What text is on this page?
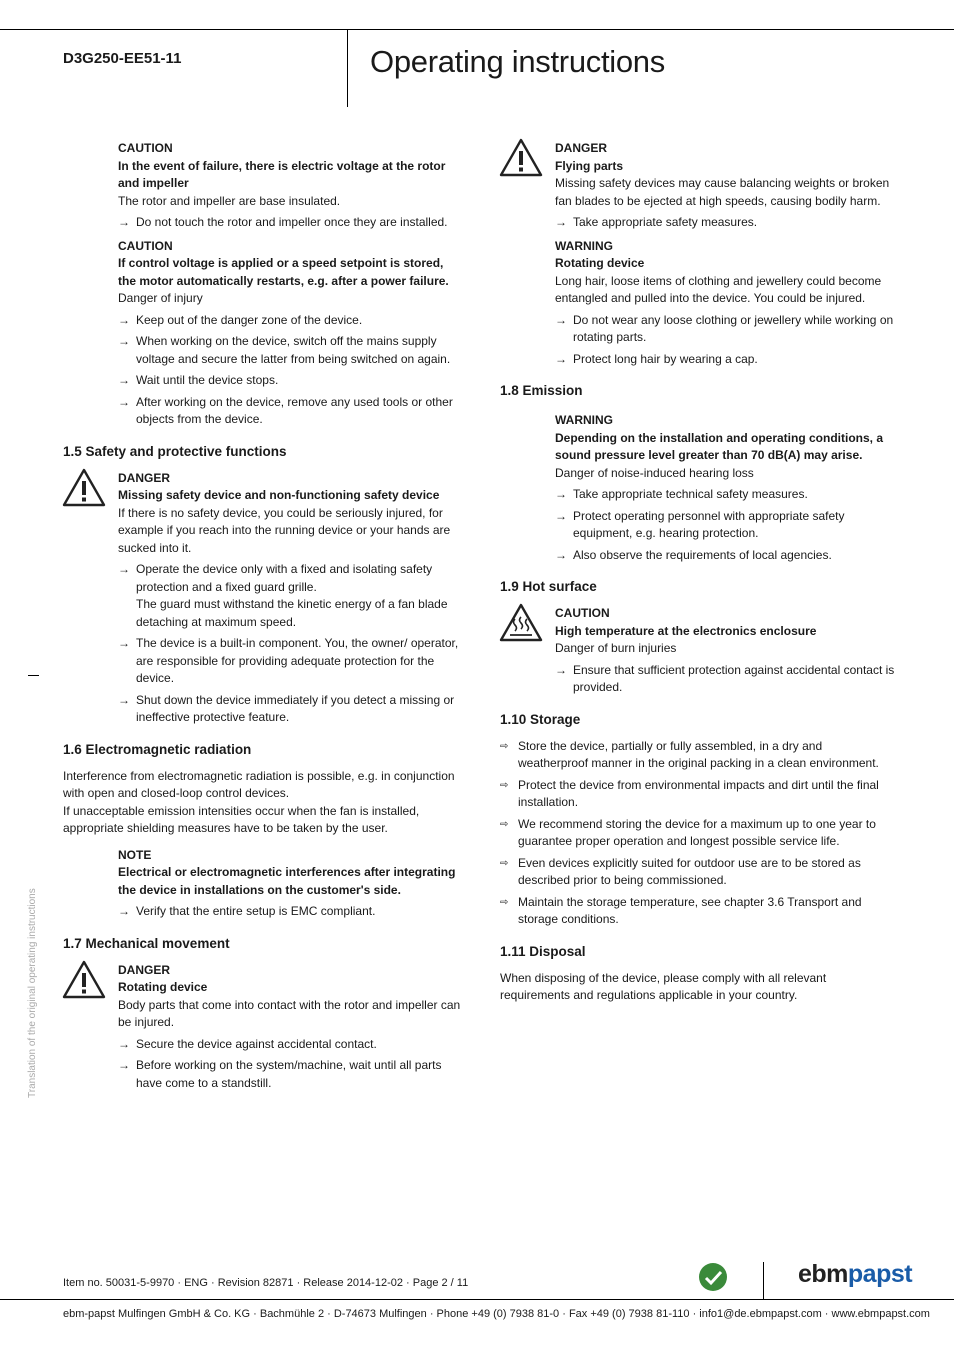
D3G250-EE51-11	Operating instructions
CAUTION
In the event of failure, there is electric voltage at the rotor and impeller
The rotor and impeller are base insulated.
→ Do not touch the rotor and impeller once they are installed.
CAUTION
If control voltage is applied or a speed setpoint is stored, the motor automatically restarts, e.g. after a power failure.
Danger of injury
→ Keep out of the danger zone of the device.
→ When working on the device, switch off the mains supply voltage and secure the latter from being switched on again.
→ Wait until the device stops.
→ After working on the device, remove any used tools or other objects from the device.
1.5 Safety and protective functions
DANGER
Missing safety device and non-functioning safety device
If there is no safety device, you could be seriously injured, for example if you reach into the running device or your hands are sucked into it.
→ Operate the device only with a fixed and isolating safety protection and a fixed guard grille.
The guard must withstand the kinetic energy of a fan blade detaching at maximum speed.
→ The device is a built-in component. You, the owner/ operator, are responsible for providing adequate protection for the device.
→ Shut down the device immediately if you detect a missing or ineffective protective feature.
1.6 Electromagnetic radiation
Interference from electromagnetic radiation is possible, e.g. in conjunction with open and closed-loop control devices.
If unacceptable emission intensities occur when the fan is installed, appropriate shielding measures have to be taken by the user.
NOTE
Electrical or electromagnetic interferences after integrating the device in installations on the customer's side.
→ Verify that the entire setup is EMC compliant.
1.7 Mechanical movement
DANGER
Rotating device
Body parts that come into contact with the rotor and impeller can be injured.
→ Secure the device against accidental contact.
→ Before working on the system/machine, wait until all parts have come to a standstill.
DANGER
Flying parts
Missing safety devices may cause balancing weights or broken fan blades to be ejected at high speeds, causing bodily harm.
→ Take appropriate safety measures.
WARNING
Rotating device
Long hair, loose items of clothing and jewellery could become entangled and pulled into the device. You could be injured.
→ Do not wear any loose clothing or jewellery while working on rotating parts.
→ Protect long hair by wearing a cap.
1.8 Emission
WARNING
Depending on the installation and operating conditions, a sound pressure level greater than 70 dB(A) may arise.
Danger of noise-induced hearing loss
→ Take appropriate technical safety measures.
→ Protect operating personnel with appropriate safety equipment, e.g. hearing protection.
→ Also observe the requirements of local agencies.
1.9 Hot surface
CAUTION
High temperature at the electronics enclosure
Danger of burn injuries
→ Ensure that sufficient protection against accidental contact is provided.
1.10 Storage
⇨ Store the device, partially or fully assembled, in a dry and weatherproof manner in the original packing in a clean environment.
⇨ Protect the device from environmental impacts and dirt until the final installation.
⇨ We recommend storing the device for a maximum up to one year to guarantee proper operation and longest possible service life.
⇨ Even devices explicitly suited for outdoor use are to be stored as described prior to being commissioned.
⇨ Maintain the storage temperature, see chapter 3.6 Transport and storage conditions.
1.11 Disposal
When disposing of the device, please comply with all relevant requirements and regulations applicable in your country.
Translation of the original operating instructions
Item no. 50031-5-9970 · ENG · Revision 82871 · Release 2014-12-02 · Page 2 / 11	ebmpapst
ebm-papst Mulfingen GmbH & Co. KG · Bachmühle 2 · D-74673 Mulfingen · Phone +49 (0) 7938 81-0 · Fax +49 (0) 7938 81-110 · info1@de.ebmpapst.com · www.ebmpapst.com
